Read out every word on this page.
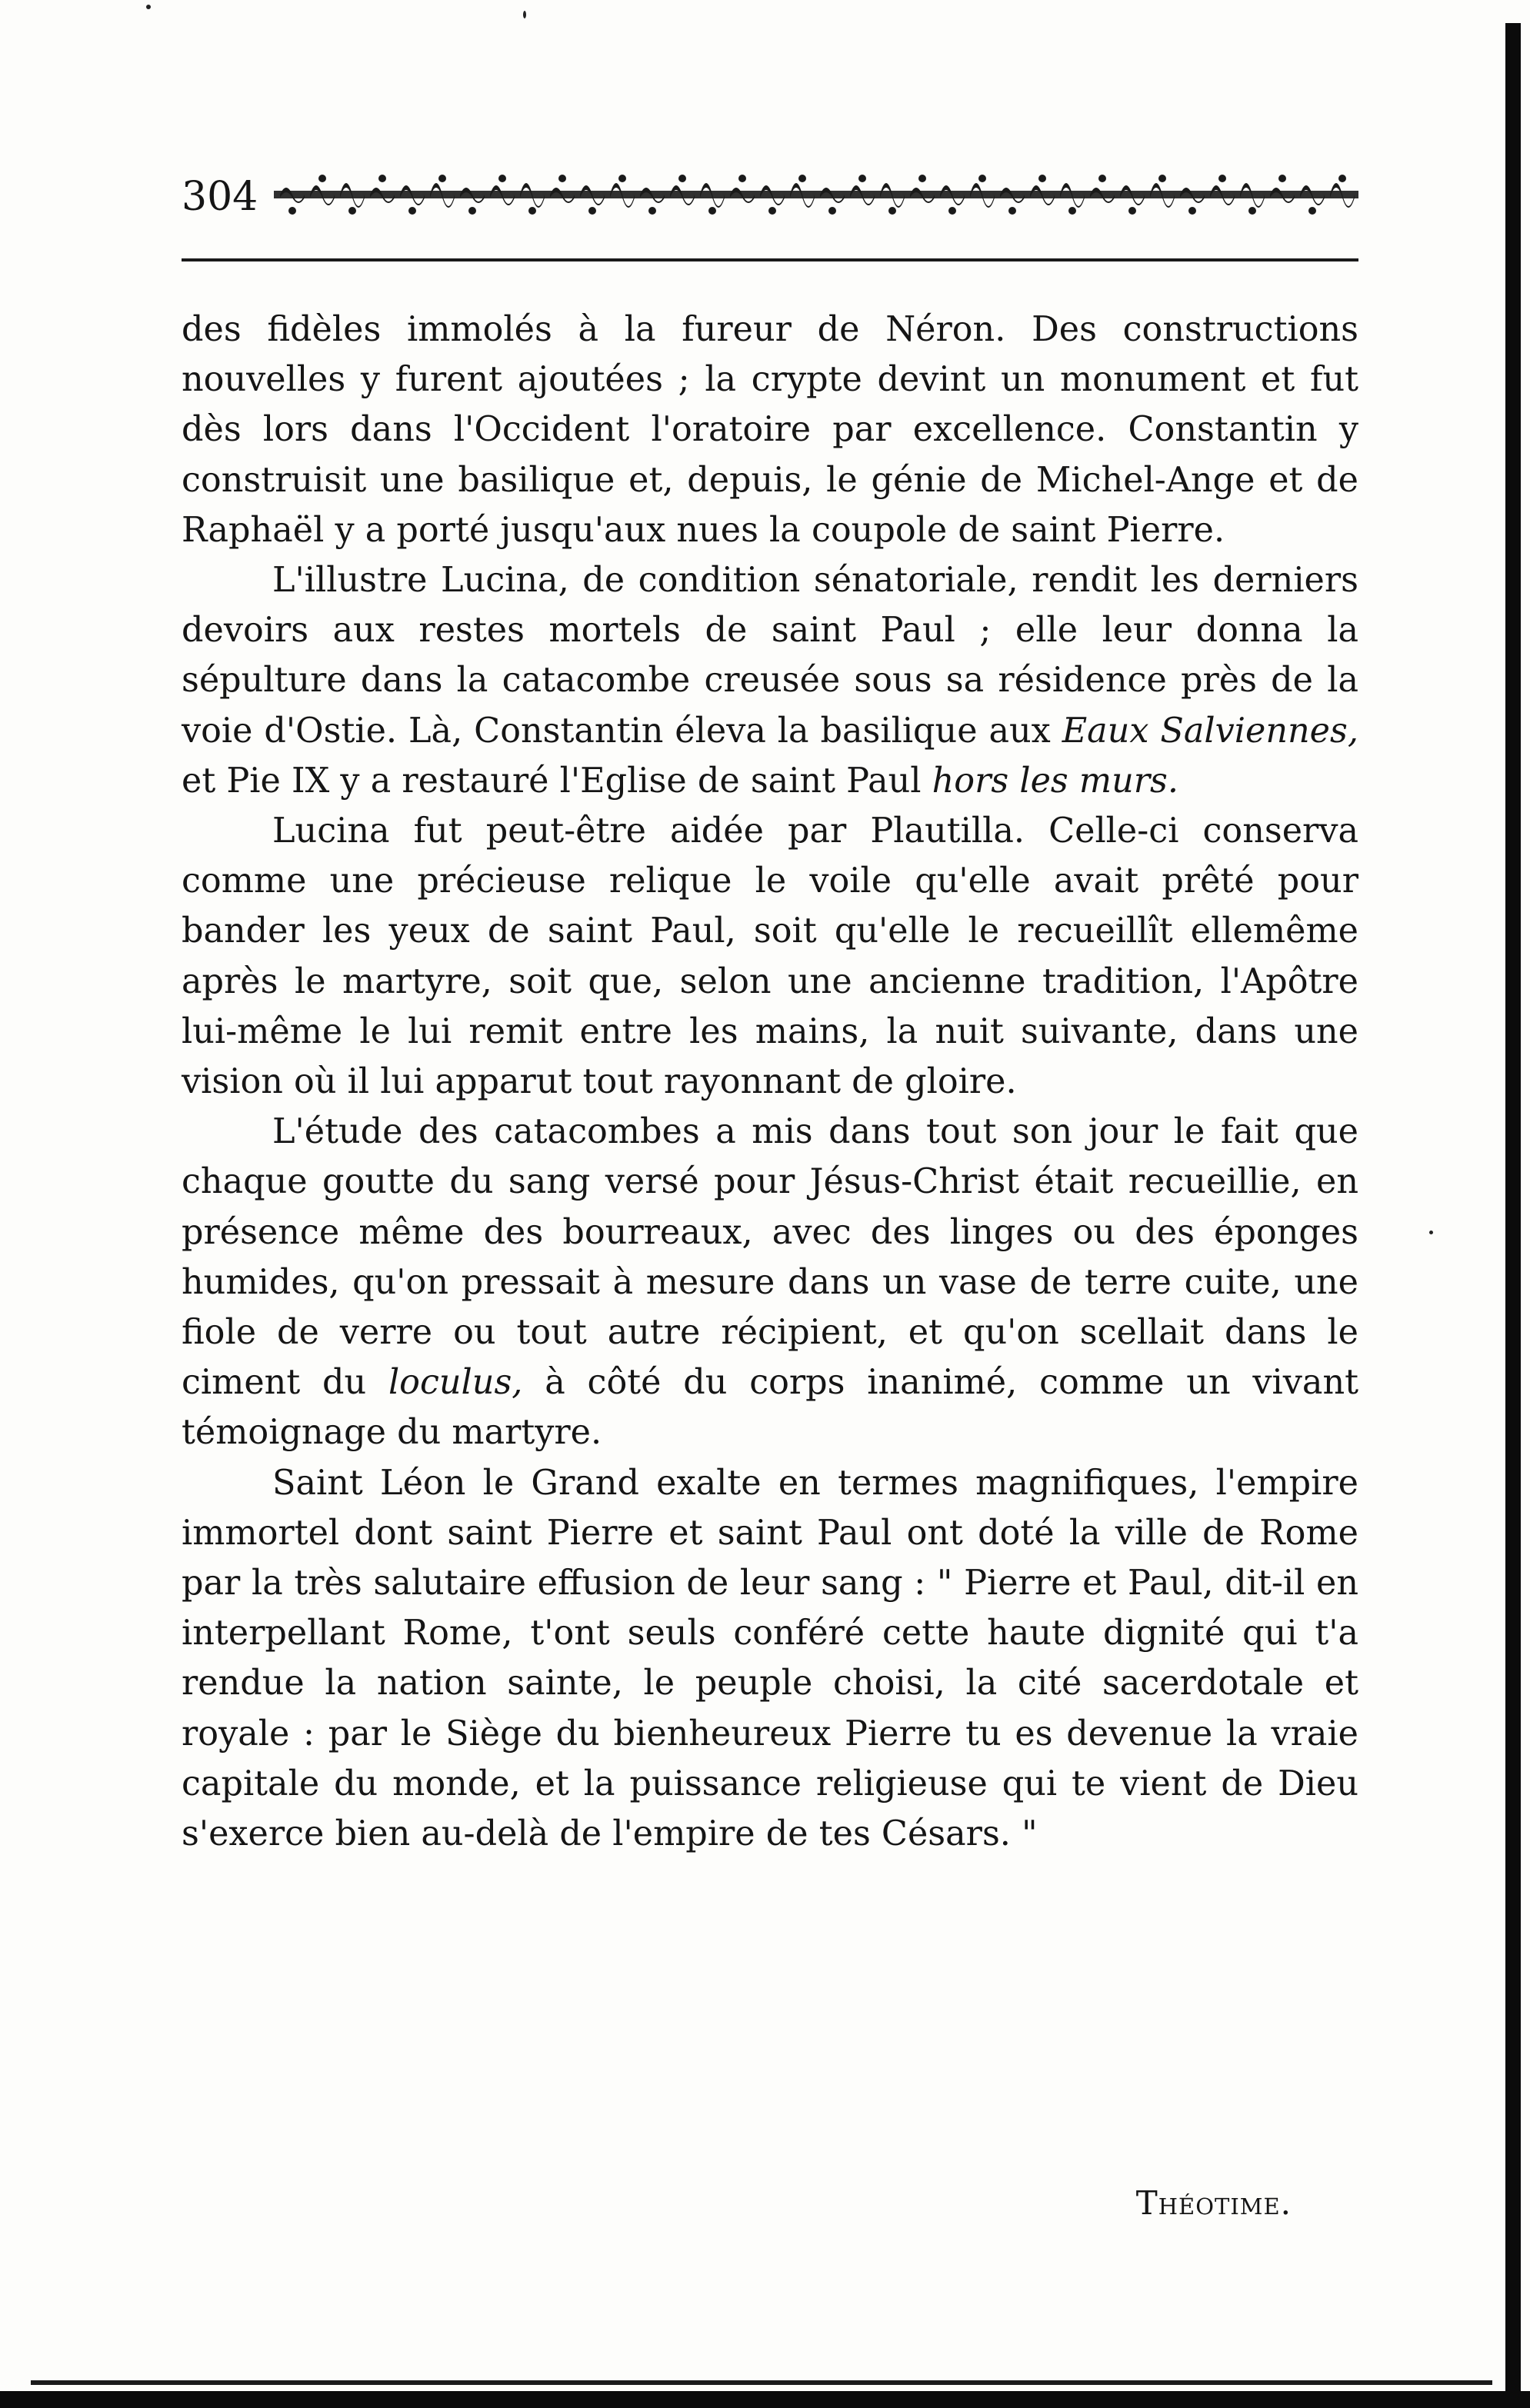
304

des fidèles immolés à la fureur de Néron. Des constructions nouvelles y furent ajoutées ; la crypte devint un monument et fut dès lors dans l'Occident l'oratoire par excellence. Constantin y construisit une basilique et, depuis, le génie de Michel-Ange et de Raphaël y a porté jusqu'aux nues la coupole de saint Pierre.

L'illustre Lucina, de condition sénatoriale, rendit les derniers devoirs aux restes mortels de saint Paul ; elle leur donna la sépulture dans la catacombe creusée sous sa résidence près de la voie d'Ostie. Là, Constantin éleva la basilique aux Eaux Salviennes, et Pie IX y a restauré l'Eglise de saint Paul hors les murs.

Lucina fut peut-être aidée par Plautilla. Celle-ci conserva comme une précieuse relique le voile qu'elle avait prêté pour bander les yeux de saint Paul, soit qu'elle le recueillît ellemême après le martyre, soit que, selon une ancienne tradition, l'Apôtre lui-même le lui remit entre les mains, la nuit suivante, dans une vision où il lui apparut tout rayonnant de gloire.

L'étude des catacombes a mis dans tout son jour le fait que chaque goutte du sang versé pour Jésus-Christ était recueillie, en présence même des bourreaux, avec des linges ou des éponges humides, qu'on pressait à mesure dans un vase de terre cuite, une fiole de verre ou tout autre récipient, et qu'on scellait dans le ciment du loculus, à côté du corps inanimé, comme un vivant témoignage du martyre.

Saint Léon le Grand exalte en termes magnifiques, l'empire immortel dont saint Pierre et saint Paul ont doté la ville de Rome par la très salutaire effusion de leur sang : " Pierre et Paul, dit-il en interpellant Rome, t'ont seuls conféré cette haute dignité qui t'a rendue la nation sainte, le peuple choisi, la cité sacerdotale et royale : par le Siège du bienheureux Pierre tu es devenue la vraie capitale du monde, et la puissance religieuse qui te vient de Dieu s'exerce bien au-delà de l'empire de tes Césars. "

Théotime.
